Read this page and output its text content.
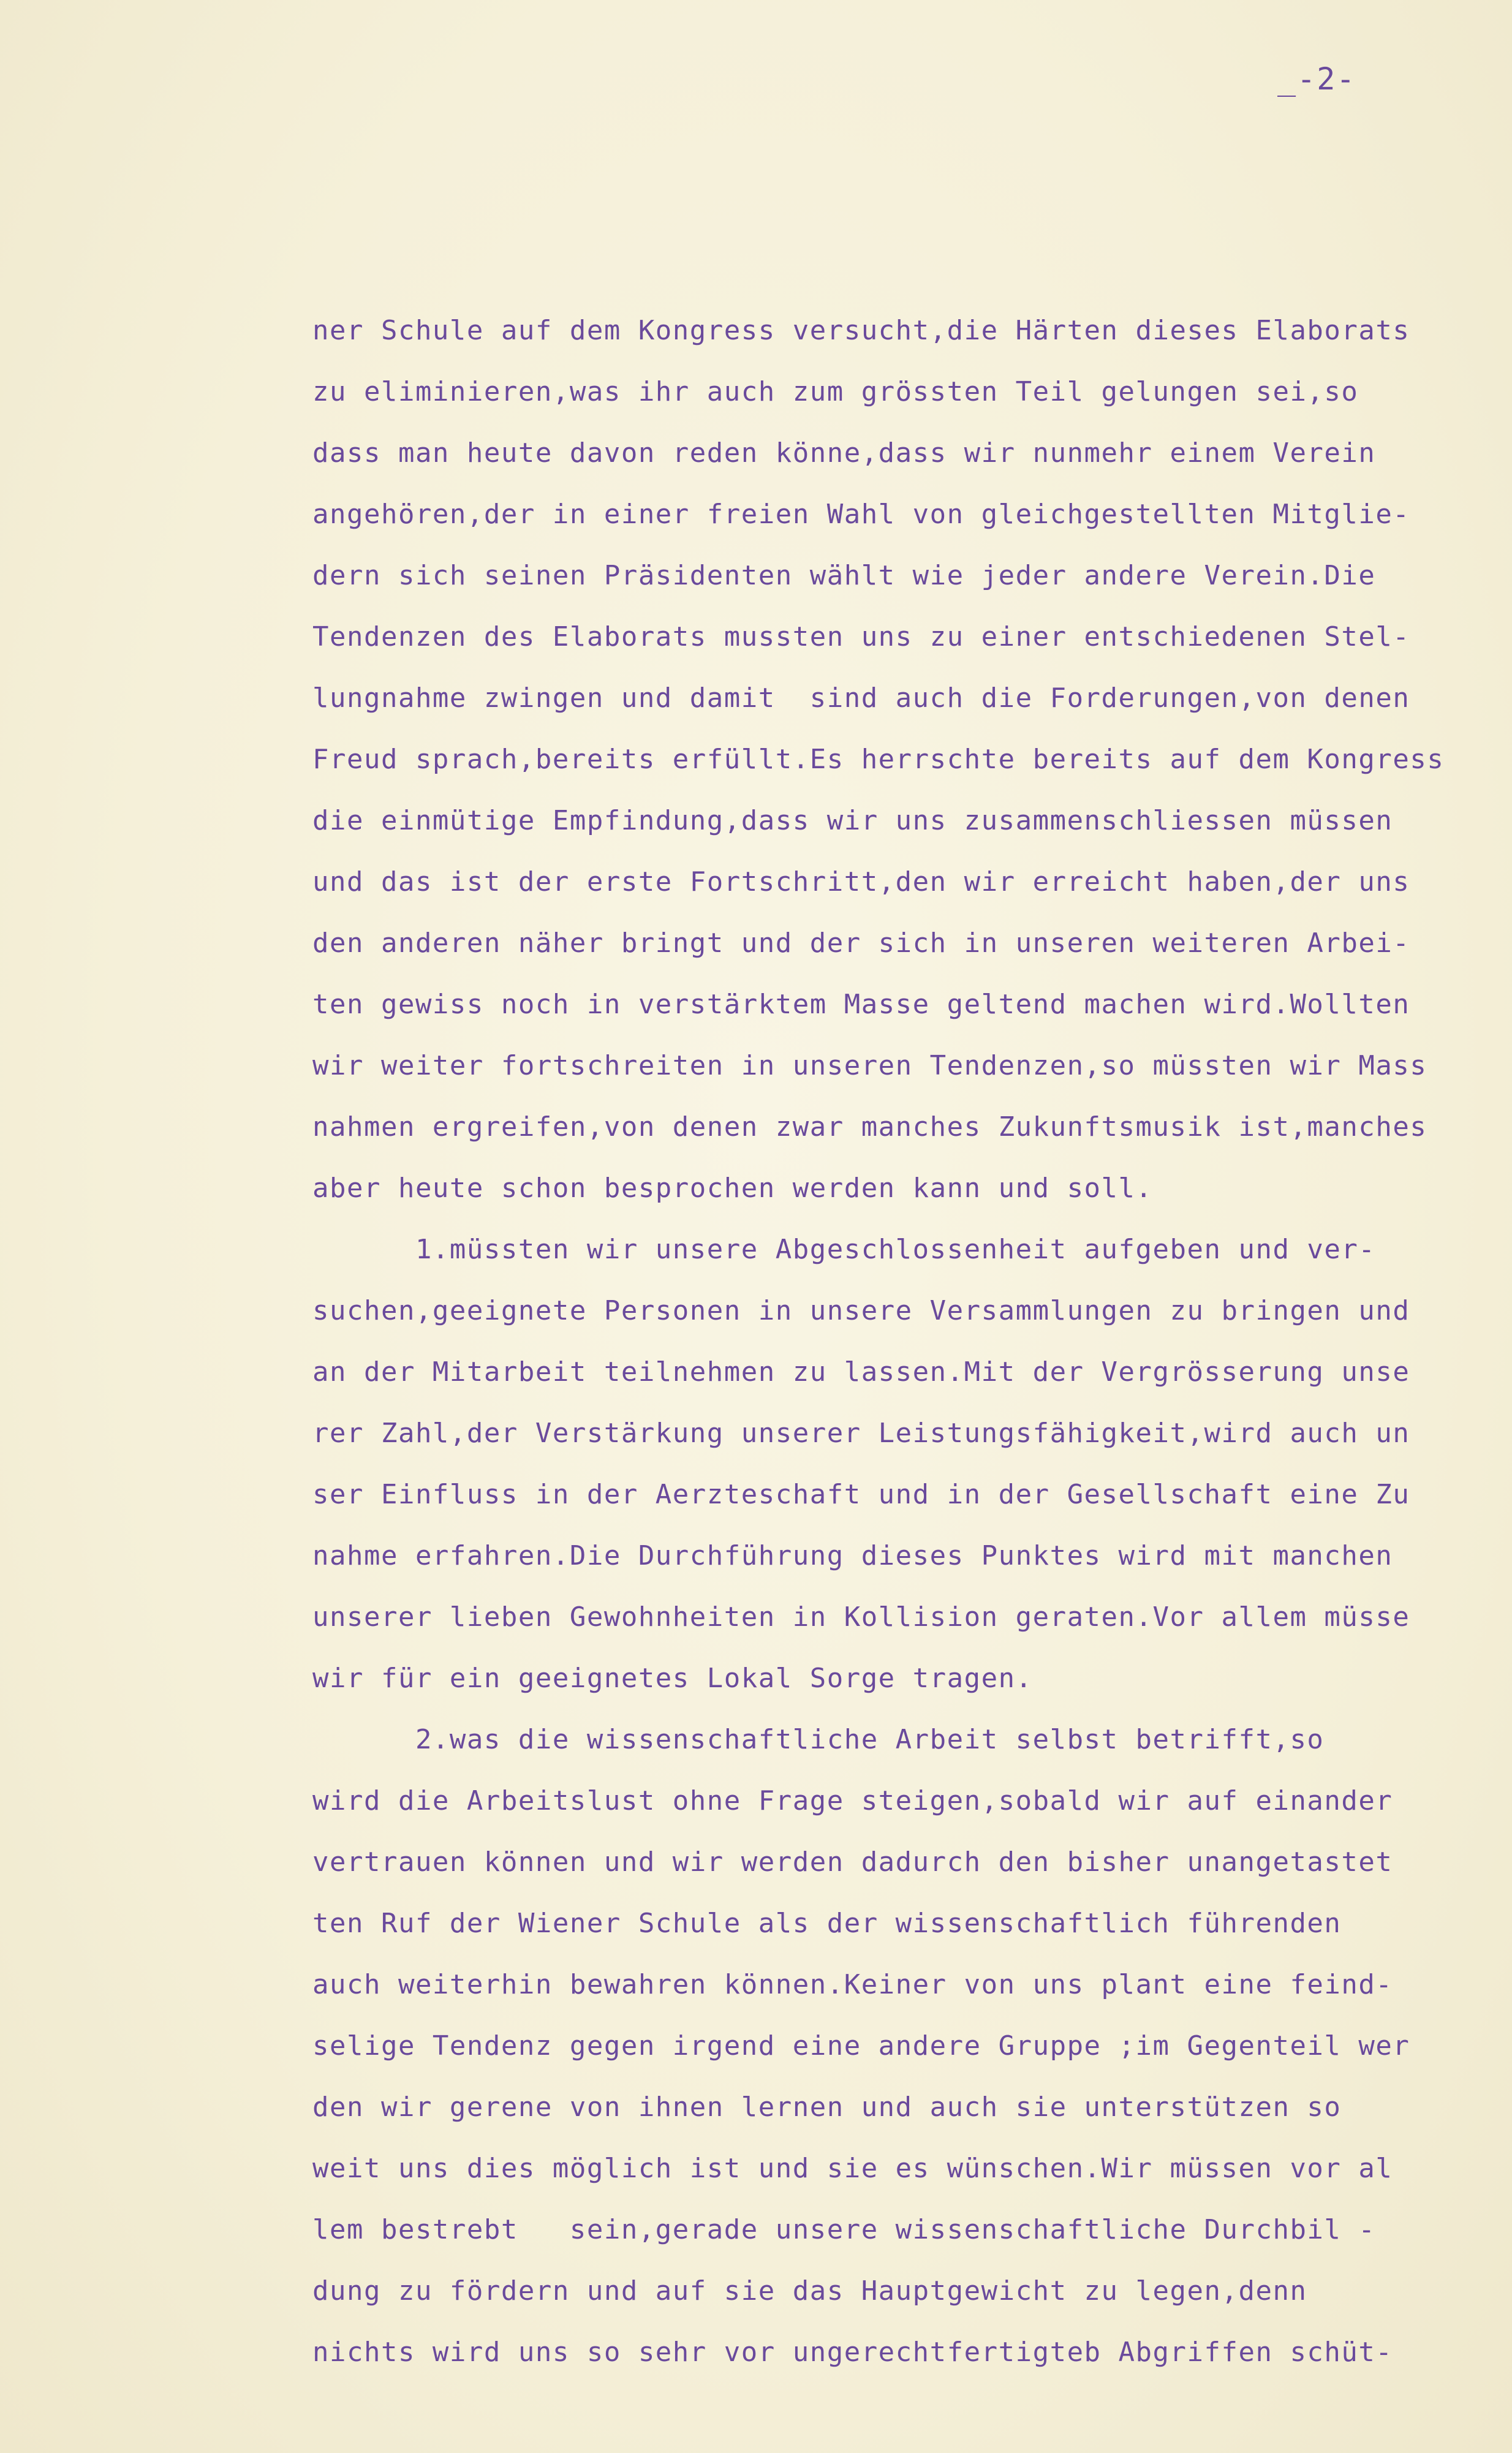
_-2-
ner Schule auf dem Kongress versucht,die Härten dieses Elaborats
zu eliminieren,was ihr auch zum grössten Teil gelungen sei,so
dass man heute davon reden könne,dass wir nunmehr einem Verein
angehören,der in einer freien Wahl von gleichgestellten Mitglie-
dern sich seinen Präsidenten wählt wie jeder andere Verein.Die
Tendenzen des Elaborats mussten uns zu einer entschiedenen Stel-
lungnahme zwingen und damit  sind auch die Forderungen,von denen
Freud sprach,bereits erfüllt.Es herrschte bereits auf dem Kongress
die einmütige Empfindung,dass wir uns zusammenschliessen müssen
und das ist der erste Fortschritt,den wir erreicht haben,der uns
den anderen näher bringt und der sich in unseren weiteren Arbei-
ten gewiss noch in verstärktem Masse geltend machen wird.Wollten
wir weiter fortschreiten in unseren Tendenzen,so müssten wir Mass
nahmen ergreifen,von denen zwar manches Zukunftsmusik ist,manches
aber heute schon besprochen werden kann und soll.
1.müssten wir unsere Abgeschlossenheit aufgeben und ver-
suchen,geeignete Personen in unsere Versammlungen zu bringen und
an der Mitarbeit teilnehmen zu lassen.Mit der Vergrösserung unse
rer Zahl,der Verstärkung unserer Leistungsfähigkeit,wird auch un
ser Einfluss in der Aerzteschaft und in der Gesellschaft eine Zu
nahme erfahren.Die Durchführung dieses Punktes wird mit manchen
unserer lieben Gewohnheiten in Kollision geraten.Vor allem müsse
wir für ein geeignetes Lokal Sorge tragen.
2.was die wissenschaftliche Arbeit selbst betrifft,so
wird die Arbeitslust ohne Frage steigen,sobald wir auf einander
vertrauen können und wir werden dadurch den bisher unangetastet
ten Ruf der Wiener Schule als der wissenschaftlich führenden
auch weiterhin bewahren können.Keiner von uns plant eine feind-
selige Tendenz gegen irgend eine andere Gruppe ;im Gegenteil wer
den wir gerene von ihnen lernen und auch sie unterstützen so
weit uns dies möglich ist und sie es wünschen.Wir müssen vor al
lem bestrebt   sein,gerade unsere wissenschaftliche Durchbil -
dung zu fördern und auf sie das Hauptgewicht zu legen,denn
nichts wird uns so sehr vor ungerechtfertigteb Abgriffen schüt-
